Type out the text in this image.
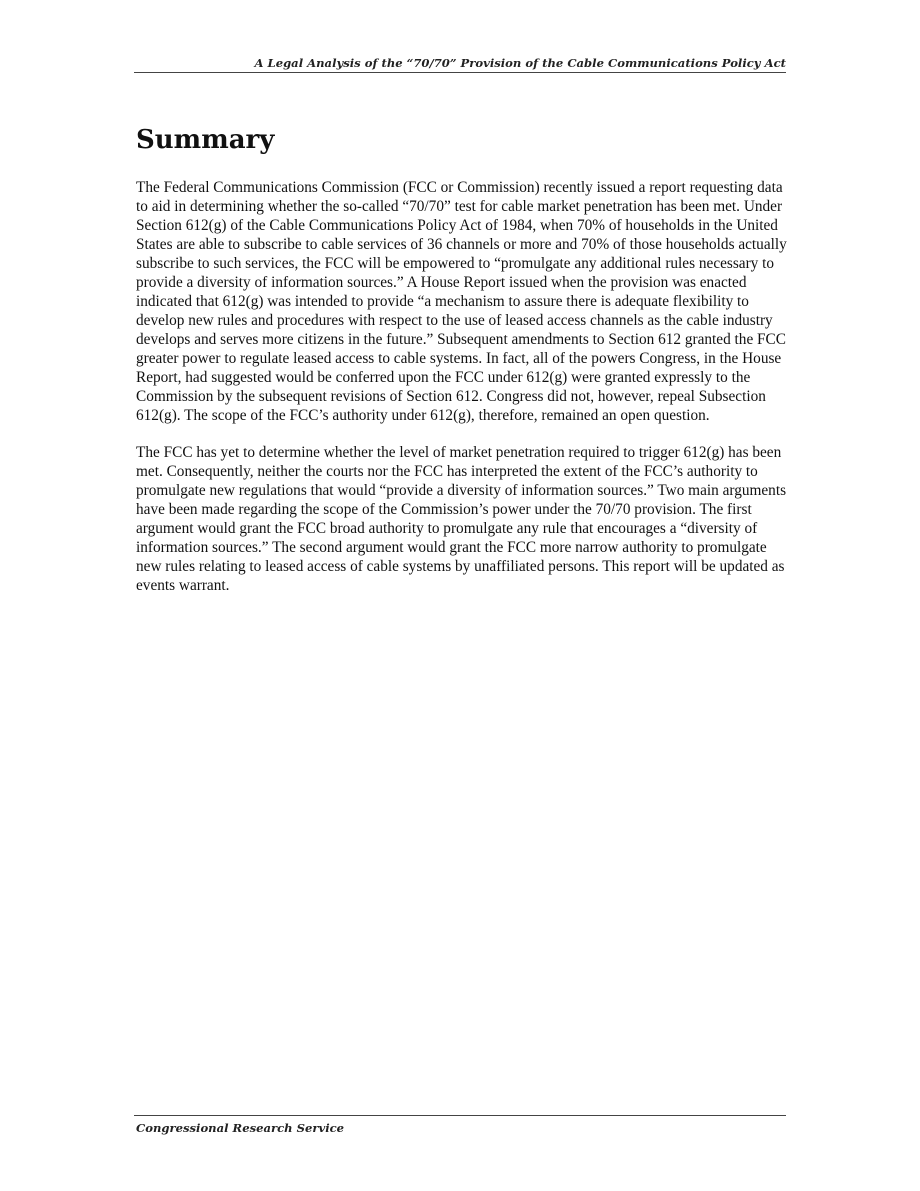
A Legal Analysis of the “70/70” Provision of the Cable Communications Policy Act
Summary

The Federal Communications Commission (FCC or Commission) recently issued a report requesting data to aid in determining whether the so-called “70/70” test for cable market penetration has been met. Under Section 612(g) of the Cable Communications Policy Act of 1984, when 70% of households in the United States are able to subscribe to cable services of 36 channels or more and 70% of those households actually subscribe to such services, the FCC will be empowered to “promulgate any additional rules necessary to provide a diversity of information sources.” A House Report issued when the provision was enacted indicated that 612(g) was intended to provide “a mechanism to assure there is adequate flexibility to develop new rules and procedures with respect to the use of leased access channels as the cable industry develops and serves more citizens in the future.” Subsequent amendments to Section 612 granted the FCC greater power to regulate leased access to cable systems. In fact, all of the powers Congress, in the House Report, had suggested would be conferred upon the FCC under 612(g) were granted expressly to the Commission by the subsequent revisions of Section 612. Congress did not, however, repeal Subsection 612(g). The scope of the FCC’s authority under 612(g), therefore, remained an open question.

The FCC has yet to determine whether the level of market penetration required to trigger 612(g) has been met. Consequently, neither the courts nor the FCC has interpreted the extent of the FCC’s authority to promulgate new regulations that would “provide a diversity of information sources.” Two main arguments have been made regarding the scope of the Commission’s power under the 70/70 provision. The first argument would grant the FCC broad authority to promulgate any rule that encourages a “diversity of information sources.” The second argument would grant the FCC more narrow authority to promulgate new rules relating to leased access of cable systems by unaffiliated persons. This report will be updated as events warrant.

Congressional Research Service
